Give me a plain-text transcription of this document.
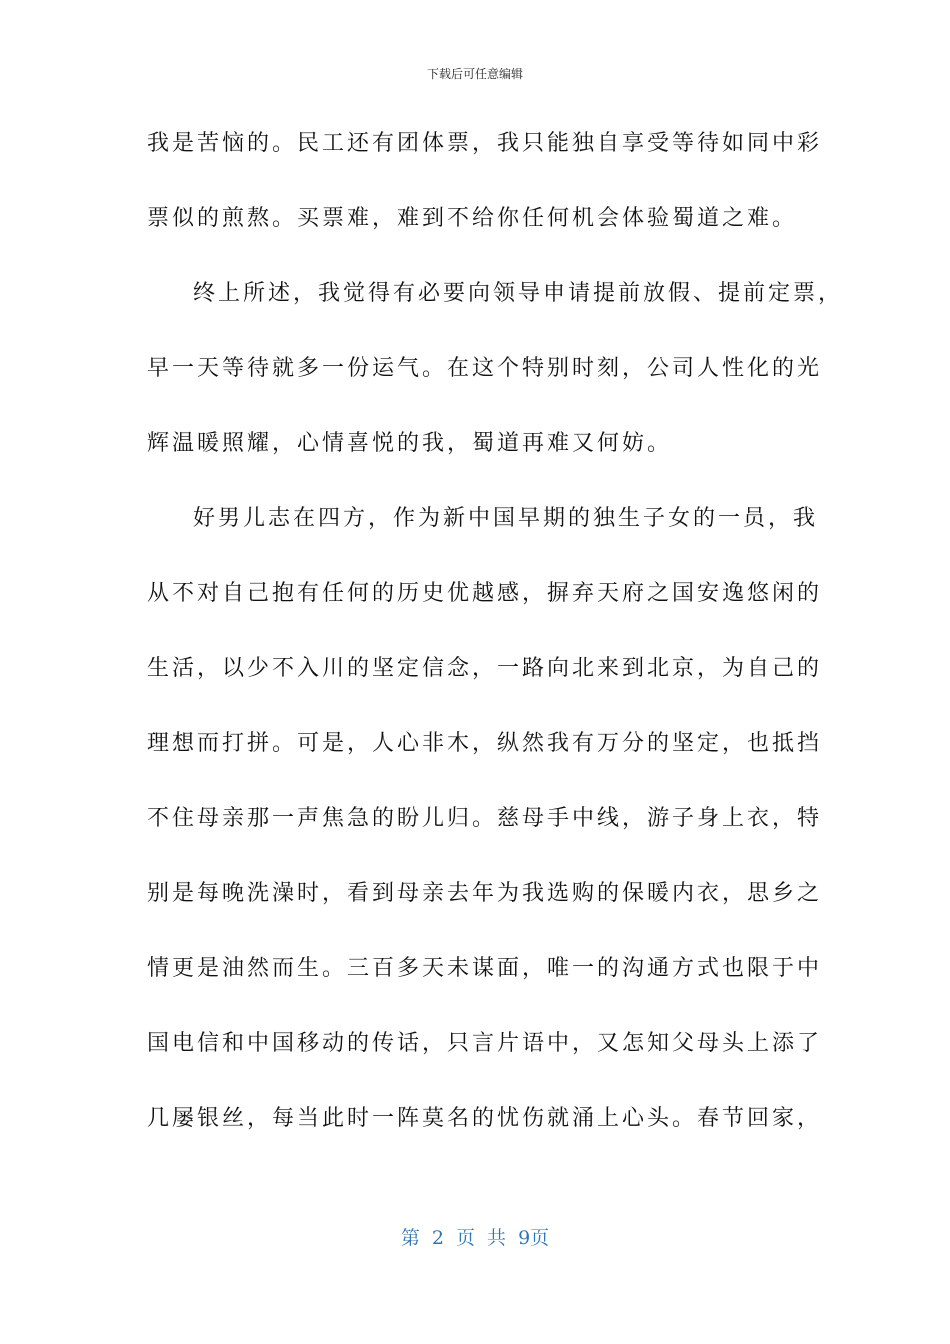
下载后可任意编辑
我是苦恼的。民工还有团体票，我只能独自享受等待如同中彩
票似的煎熬。买票难，难到不给你任何机会体验蜀道之难。
终上所述，我觉得有必要向领导申请提前放假、提前定票，
早一天等待就多一份运气。在这个特别时刻，公司人性化的光
辉温暖照耀，心情喜悦的我，蜀道再难又何妨。
好男儿志在四方，作为新中国早期的独生子女的一员，我
从不对自己抱有任何的历史优越感，摒弃天府之国安逸悠闲的
生活，以少不入川的坚定信念，一路向北来到北京，为自己的
理想而打拼。可是，人心非木，纵然我有万分的坚定，也抵挡
不住母亲那一声焦急的盼儿归。慈母手中线，游子身上衣，特
别是每晚洗澡时，看到母亲去年为我选购的保暖内衣，思乡之
情更是油然而生。三百多天未谋面，唯一的沟通方式也限于中
国电信和中国移动的传话，只言片语中，又怎知父母头上添了
几屡银丝，每当此时一阵莫名的忧伤就涌上心头。春节回家，
第 2 页 共 9页
